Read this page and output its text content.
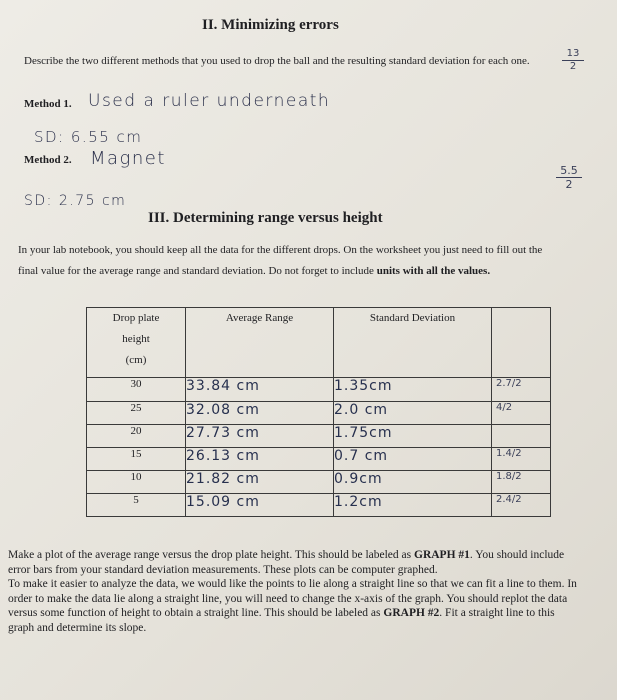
II. Minimizing errors
Describe the two different methods that you used to drop the ball and the resulting standard deviation for each one.
13
2
Method 1. Used a ruler underneath
SD: 6.55 cm
Method 2. Magnet
5.5
2
SD: 2.75 cm
III. Determining range versus height
In your lab notebook, you should keep all the data for the different drops. On the worksheet you just need to fill out the final value for the average range and standard deviation. Do not forget to include units with all the values.
Drop plate
height
(cm)	Average Range	Standard Deviation	
30	33.84 cm	1.35cm	2.7/2
25	32.08 cm	2.0 cm	4/2
20	27.73 cm	1.75cm	
15	26.13 cm	0.7 cm	1.4/2
10	21.82 cm	0.9cm	1.8/2
5	15.09 cm	1.2cm	2.4/2
Make a plot of the average range versus the drop plate height. This should be labeled as GRAPH #1. You should include error bars from your standard deviation measurements. These plots can be computer graphed.
To make it easier to analyze the data, we would like the points to lie along a straight line so that we can fit a line to them. In order to make the data lie along a straight line, you will need to change the x-axis of the graph. You should replot the data versus some function of height to obtain a straight line. This should be labeled as GRAPH #2. Fit a straight line to this graph and determine its slope.
